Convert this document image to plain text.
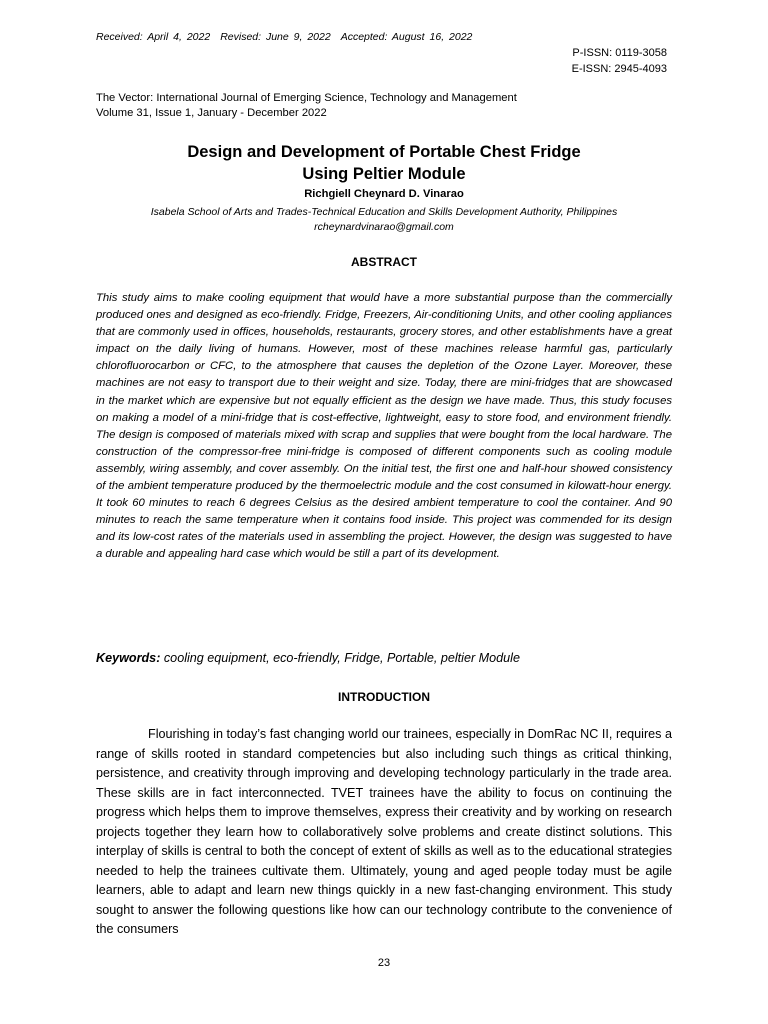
Received: April 4, 2022 Revised: June 9, 2022 Accepted: August 16, 2022
P-ISSN: 0119-3058
E-ISSN: 2945-4093
The Vector: International Journal of Emerging Science, Technology and Management
Volume 31, Issue 1, January - December 2022
Design and Development of Portable Chest Fridge
Using Peltier Module
Richgiell Cheynard D. Vinarao
Isabela School of Arts and Trades-Technical Education and Skills Development Authority, Philippines
rcheynardvinarao@gmail.com
ABSTRACT
This study aims to make cooling equipment that would have a more substantial purpose than the commercially produced ones and designed as eco-friendly. Fridge, Freezers, Air-conditioning Units, and other cooling appliances that are commonly used in offices, households, restaurants, grocery stores, and other establishments have a great impact on the daily living of humans. However, most of these machines release harmful gas, particularly chlorofluorocarbon or CFC, to the atmosphere that causes the depletion of the Ozone Layer. Moreover, these machines are not easy to transport due to their weight and size. Today, there are mini-fridges that are showcased in the market which are expensive but not equally efficient as the design we have made. Thus, this study focuses on making a model of a mini-fridge that is cost-effective, lightweight, easy to store food, and environment friendly. The design is composed of materials mixed with scrap and supplies that were bought from the local hardware. The construction of the compressor-free mini-fridge is composed of different components such as cooling module assembly, wiring assembly, and cover assembly. On the initial test, the first one and half-hour showed consistency of the ambient temperature produced by the thermoelectric module and the cost consumed in kilowatt-hour energy. It took 60 minutes to reach 6 degrees Celsius as the desired ambient temperature to cool the container. And 90 minutes to reach the same temperature when it contains food inside. This project was commended for its design and its low-cost rates of the materials used in assembling the project. However, the design was suggested to have a durable and appealing hard case which would be still a part of its development.
Keywords: cooling equipment, eco-friendly, Fridge, Portable, peltier Module
INTRODUCTION
Flourishing in today’s fast changing world our trainees, especially in DomRac NC II, requires a range of skills rooted in standard competencies but also including such things as critical thinking, persistence, and creativity through improving and developing technology particularly in the trade area. These skills are in fact interconnected. TVET trainees have the ability to focus on continuing the progress which helps them to improve themselves, express their creativity and by working on research projects together they learn how to collaboratively solve problems and create distinct solutions. This interplay of skills is central to both the concept of extent of skills as well as to the educational strategies needed to help the trainees cultivate them. Ultimately, young and aged people today must be agile learners, able to adapt and learn new things quickly in a new fast-changing environment. This study sought to answer the following questions like how can our technology contribute to the convenience of the consumers
23
